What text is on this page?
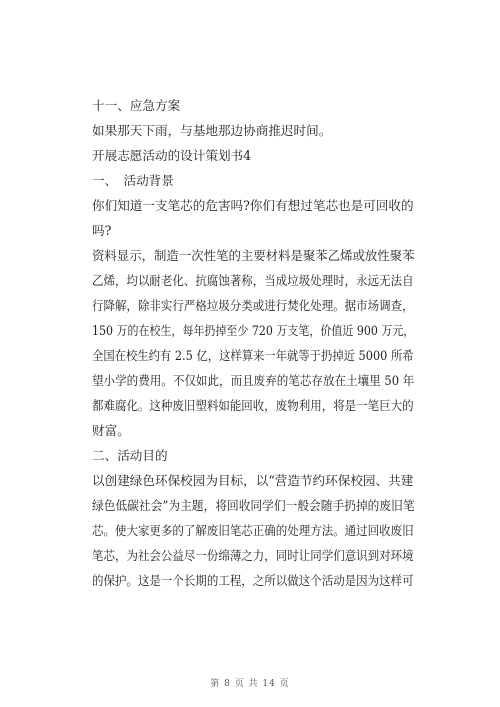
十一、应急方案

如果那天下雨，与基地那边协商推迟时间。

开展志愿活动的设计策划书4

一、　活动背景

你们知道一支笔芯的危害吗?你们有想过笔芯也是可回收的

吗?

资料显示，制造一次性笔的主要材料是聚苯乙烯或放性聚苯

乙烯，均以耐老化、抗腐蚀著称，当成垃圾处理时，永远无法自

行降解，除非实行严格垃圾分类或进行焚化处理。据市场调查，

150 万的在校生，每年扔掉至少 720 万支笔，价值近 900 万元，

全国在校生约有 2.5 亿，这样算来一年就等于扔掉近 5000 所希

望小学的费用。不仅如此，而且废弃的笔芯存放在土壤里 50 年

都难腐化。这种废旧塑料如能回收，废物利用，将是一笔巨大的

财富。

二、活动目的

以创建绿色环保校园为目标，以“营造节约环保校园、共建

绿色低碳社会”为主题，将回收同学们一般会随手扔掉的废旧笔

芯。使大家更多的了解废旧笔芯正确的处理方法。通过回收废旧

笔芯，为社会公益尽一份绵薄之力，同时让同学们意识到对环境

的保护。这是一个长期的工程，之所以做这个活动是因为这样可

第 8 页 共 14 页
